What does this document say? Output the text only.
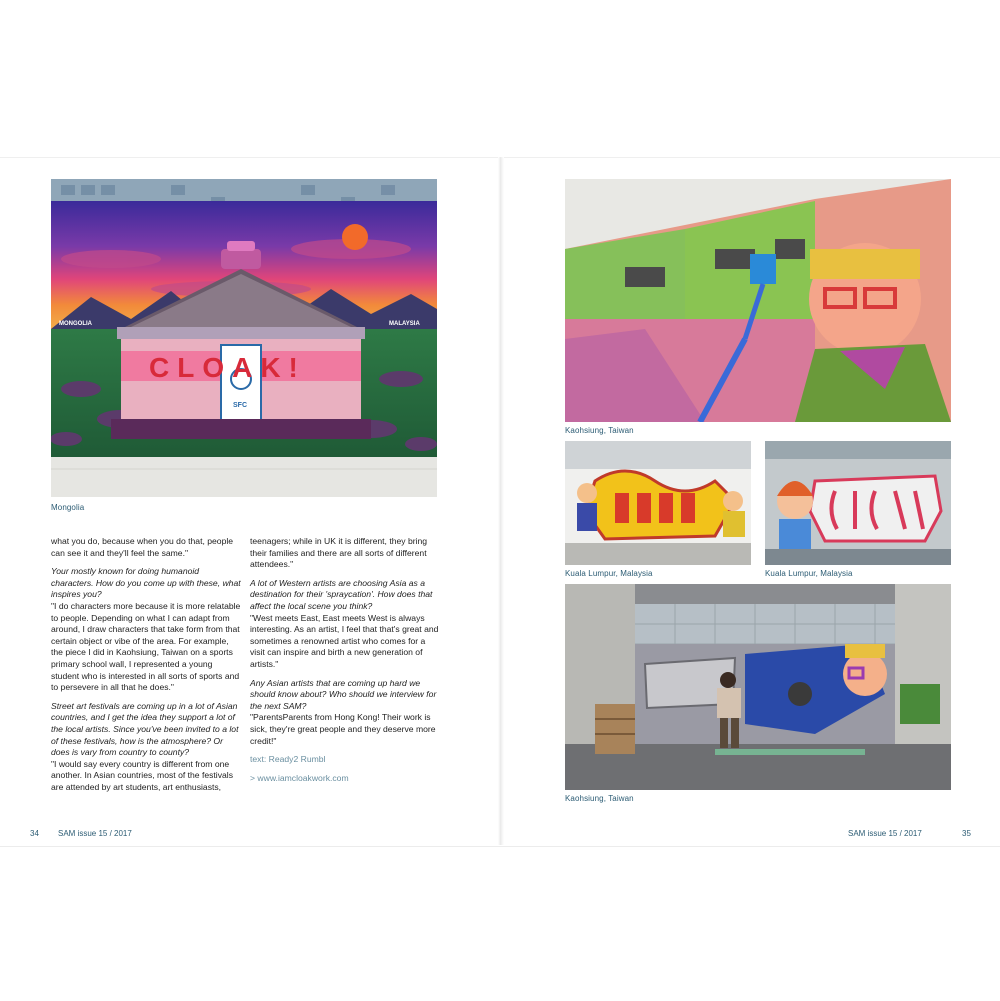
CLOAK!
SFC
MONGOLIA	MALAYSIA
Mongolia

what you do, because when you do that, people can see it and they'll feel the same."

Your mostly known for doing humanoid characters. How do you come up with these, what inspires you?
"I do characters more because it is more relatable to people. Depending on what I can adapt from around, I draw characters that take form from that certain object or vibe of the area. For example, the piece I did in Kaohsiung, Taiwan on a sports primary school wall, I represented a young student who is interested in all sorts of sports and to persevere in all that he does."

Street art festivals are coming up in a lot of Asian countries, and I get the idea they support a lot of the local artists. Since you've been invited to a lot of these festivals, how is the atmosphere? Or does is vary from country to county?
"I would say every country is different from one another. In Asian countries, most of the festivals are attended by art students, art enthusiasts,

teenagers; while in UK it is different, they bring their families and there are all sorts of different attendees."

A lot of Western artists are choosing Asia as a destination for their 'spraycation'. How does that affect the local scene you think?
"West meets East, East meets West is always interesting. As an artist, I feel that that's great and sometimes a renowned artist who comes for a visit can inspire and birth a new generation of artists."

Any Asian artists that are coming up hard we should know about? Who should we interview for the next SAM?
"ParentsParents from Hong Kong! Their work is sick, they're great people and they deserve more credit!"

text: Ready2 Rumbl

> www.iamcloakwork.com

34 SAM issue 15 / 2017
Kaohsiung, Taiwan
Kuala Lumpur, Malaysia	Kuala Lumpur, Malaysia
Kaohsiung, Taiwan
SAM issue 15 / 2017	35
